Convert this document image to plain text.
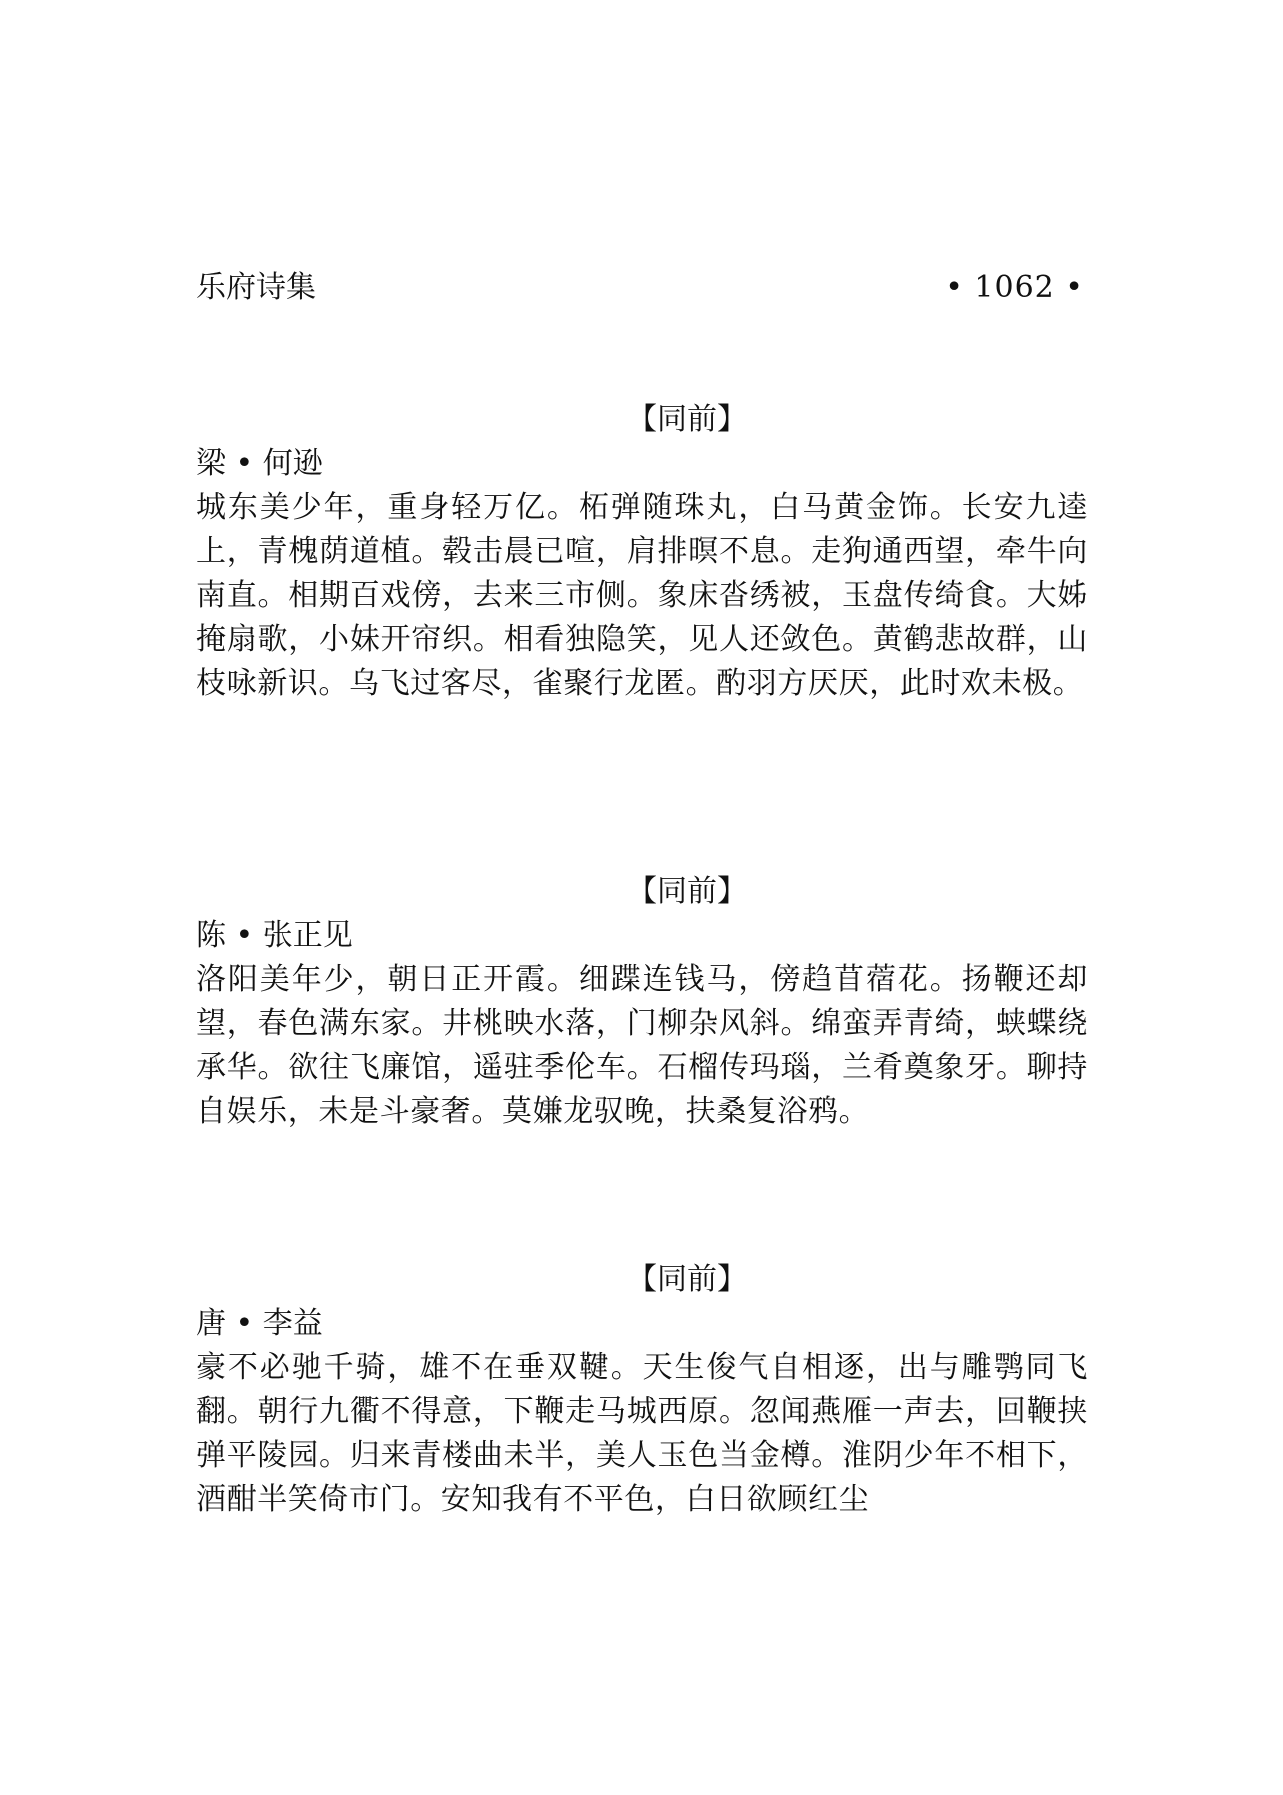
乐府诗集	• 1062 •
【同前】

梁 • 何逊

城东美少年，重身轻万亿。柘弹随珠丸，白马黄金饰。长安九逵上，青槐荫道植。毂击晨已喧，肩排暝不息。走狗通西望，牵牛向南直。相期百戏傍，去来三市侧。象床沓绣被，玉盘传绮食。大姊掩扇歌，小妹开帘织。相看独隐笑，见人还敛色。黄鹤悲故群，山枝咏新识。乌飞过客尽，雀聚行龙匿。酌羽方厌厌，此时欢未极。

【同前】

陈 • 张正见

洛阳美年少，朝日正开霞。细蹀连钱马，傍趋苜蓿花。扬鞭还却望，春色满东家。井桃映水落，门柳杂风斜。绵蛮弄青绮，蛱蝶绕承华。欲往飞廉馆，遥驻季伦车。石榴传玛瑙，兰肴奠象牙。聊持自娱乐，未是斗豪奢。莫嫌龙驭晚，扶桑复浴鸦。

【同前】

唐 • 李益

豪不必驰千骑，雄不在垂双鞬。天生俊气自相逐，出与雕鹗同飞翻。朝行九衢不得意，下鞭走马城西原。忽闻燕雁一声去，回鞭挟弹平陵园。归来青楼曲未半，美人玉色当金樽。淮阴少年不相下，酒酣半笑倚市门。安知我有不平色，白日欲顾红尘
